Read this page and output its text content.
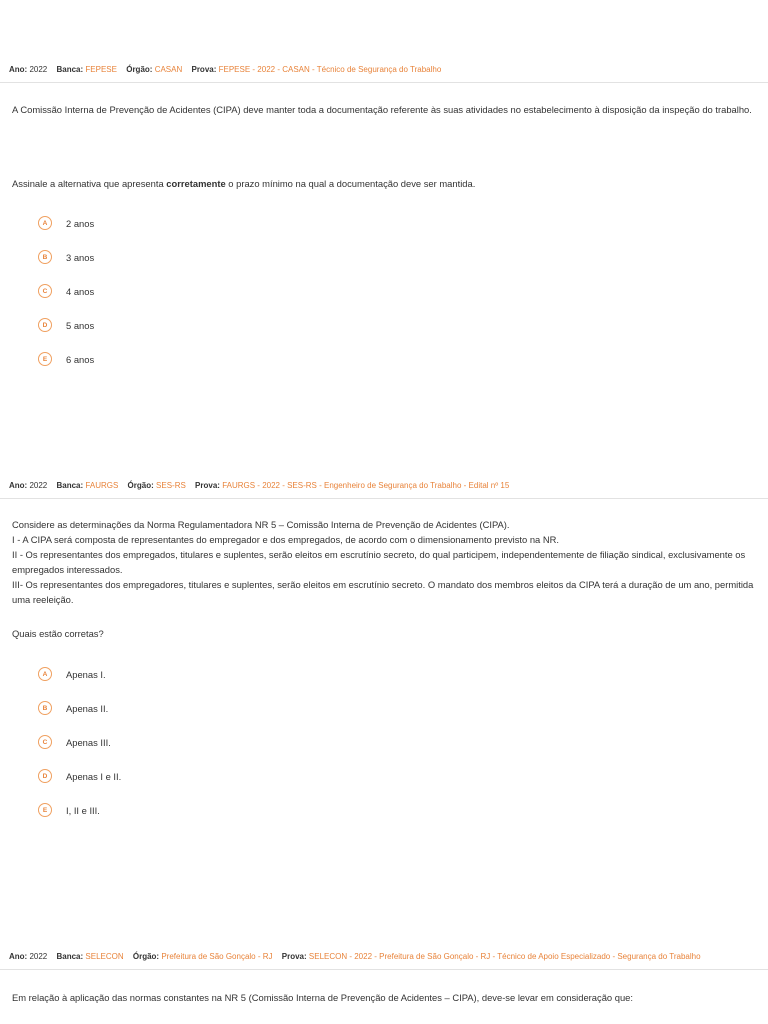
Ano: 2022 Banca: FEPESE Órgão: CASAN Prova: FEPESE - 2022 - CASAN - Técnico de Segurança do Trabalho
A Comissão Interna de Prevenção de Acidentes (CIPA) deve manter toda a documentação referente às suas atividades no estabelecimento à disposição da inspeção do trabalho.
Assinale a alternativa que apresenta corretamente o prazo mínimo na qual a documentação deve ser mantida.
A	2 anos
B	3 anos
C	4 anos
D	5 anos
E	6 anos
Ano: 2022 Banca: FAURGS Órgão: SES-RS Prova: FAURGS - 2022 - SES-RS - Engenheiro de Segurança do Trabalho - Edital nº 15
Considere as determinações da Norma Regulamentadora NR 5 – Comissão Interna de Prevenção de Acidentes (CIPA).
I - A CIPA será composta de representantes do empregador e dos empregados, de acordo com o dimensionamento previsto na NR.
II - Os representantes dos empregados, titulares e suplentes, serão eleitos em escrutínio secreto, do qual participem, independentemente de filiação sindical, exclusivamente os empregados interessados.
III- Os representantes dos empregadores, titulares e suplentes, serão eleitos em escrutínio secreto. O mandato dos membros eleitos da CIPA terá a duração de um ano, permitida uma reeleição.
Quais estão corretas?
A	Apenas I.
B	Apenas II.
C	Apenas III.
D	Apenas I e II.
E	I, II e III.
Ano: 2022 Banca: SELECON Órgão: Prefeitura de São Gonçalo - RJ Prova: SELECON - 2022 - Prefeitura de São Gonçalo - RJ - Técnico de Apoio Especializado - Segurança do Trabalho
Em relação à aplicação das normas constantes na NR 5 (Comissão Interna de Prevenção de Acidentes – CIPA), deve-se levar em consideração que:
